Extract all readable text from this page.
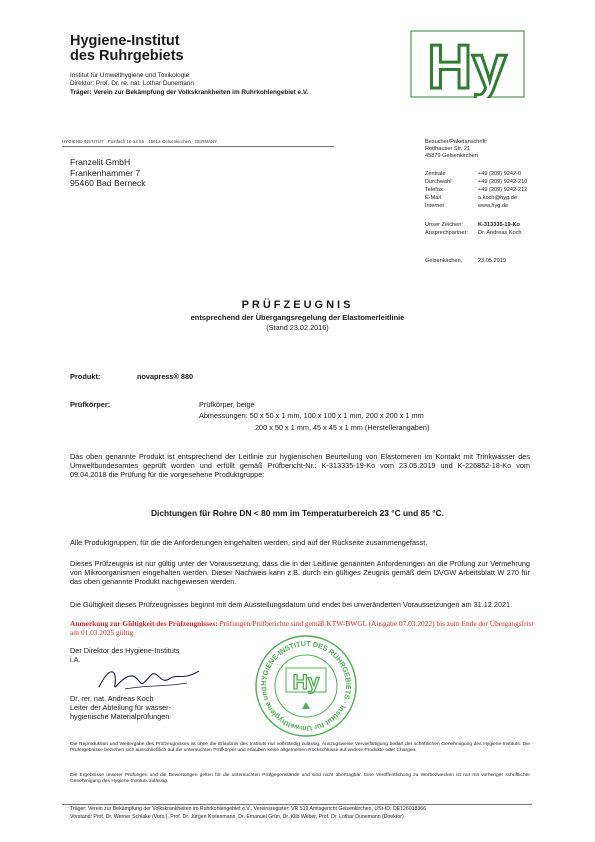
Hygiene-Institut
des Ruhrgebiets
Institut für Umwelthygiene und Toxikologie
Direktor: Prof. Dr. re. nat. Lothar Dunemann
Träger: Verein zur Bekämpfung der Volkskrankheiten im Ruhrkohlengebiet e.V. Hy
HYGIENE-INSTITUT · Postfach 10 12 55 · 45812 Gelsenkirchen · GERMANY
Franzelit GmbH
Frankenhammer 7
95460 Bad Berneck
Besucher/Paketanschrift:
Rotthauser Str. 21
45879 Gelsenkirchen
Zentrale	+49 (209) 9242-0
DurchwahI	+49 (209) 9242-210
Telefax	+49 (209) 9242-212
E-Mail	a.koch@hyg.de
Internet	www.hyg.de
Unser Zeichen:	K-313335-19-Ko
Ansprechpartner: Dr. Andreas Koch
Gelsenkirchen,	23.05.2019
PRÜFZEUGNIS
entsprechend der Übergangsregelung der Elastomerleitlinie
(Stand 23.02.2016)
Produkt:	novapress® 880
Prüfkörper:	Prüfkörper, beige
Abmessungen: 50 x 50 x 1 mm, 100 x 100 x 1 mm, 200 x 200 x 1 mm
200 x 50 x 1 mm, 45 x 45 x 1 mm (Herstellerangaben)
Das oben genannte Produkt ist entsprechend der Leitlinie zur hygienischen Beurteilung von Elastomeren im Kontakt mit Trinkwasser des Umweltbundesamtes geprüft worden und erfüllt gemäß Prüfbericht-Nr.: K-313335-19-Ko vom 23.05.2019 und K-226852-18-Ko vom 09.04.2018 die Prüfung für die vorgesehene Produktgruppe:
Dichtungen für Rohre DN < 80 mm im Temperaturbereich 23 °C und 85 °C.
Alle Produktgruppen, für die die Anforderungen eingehalten werden, sind auf der Rückseite zusammengefasst.
Dieses Prüfzeugnis ist nur gültig unter der Voraussetzung, dass die in der Leitlinie genannten Anforderungen an die Prüfung zur Vermehrung von Mikroorganismen eingehalten werden. Dieser Nachweis kann z.B. durch ein gültiges Zeugnis gemäß dem DVGW Arbeitsblatt W 270 für das oben genannte Produkt nachgewiesen werden.
Die Gültigkeit dieses Prüfzeugnisses beginnt mit dem Ausstellungsdatum und endet bei unveränderten Voraussetzungen am 31.12.2021.
Anmerkung zur Gültigkeit des Prüfzeugnisses: Prüfungen/Prüfberichte sind gemäß KTW-BWGL (Ausgabe 07.03.2022) bis zum Ende der Übergangsfrist am 01.03.2025 gültig
Der Direktor des Hygiene-Instituts
i.A.
Dr. rer. nat. Andreas Koch
Leiter der Abteilung für wasser-
hygienische Materialprüfungen
HYGIENE-INSTITUT DES RUHRGEBIETS · Institut für Umwelthygiene und	Hy
Die Reproduktion und Weitergabe des Prüfzeugnisses ist ohne die Erlaubnis des Instituts nur vollständig zulässig. Auszugsweise Vervielfältigung bedarf der schriftlichen Genehmigung des Hygiene-Instituts. Die Prüfergebnisse beziehen sich ausschließlich auf die untersuchten Prüfkörper und erlauben keine allgemeinen Rückschlüsse auf andere Produkte oder Chargen.
Die Ergebnisse unserer Prüfungen und die Bewertungen gelten für die untersuchten Prüfgegenstände und sind nicht übertragbar. Eine Veröffentlichung zu Werbezwecken ist nur mit vorheriger schriftlicher Genehmigung des Hygiene-Instituts zulässig.
Träger: Verein zur Bekämpfung der Volkskrankheiten im Ruhrkohlengebiet e.V., Vereinsregister: VR 519 Amtsgericht Gelsenkirchen, USt-ID: DE126018366
Vorstand: Prof. Dr. Werner Schlake (Vors.), Prof. Dr. Jürgen Kistenmann, Dr. Emanuel Grün, Dr. Klib Weber, Prof. Dr. Lothar Dunemann (Direktor)
